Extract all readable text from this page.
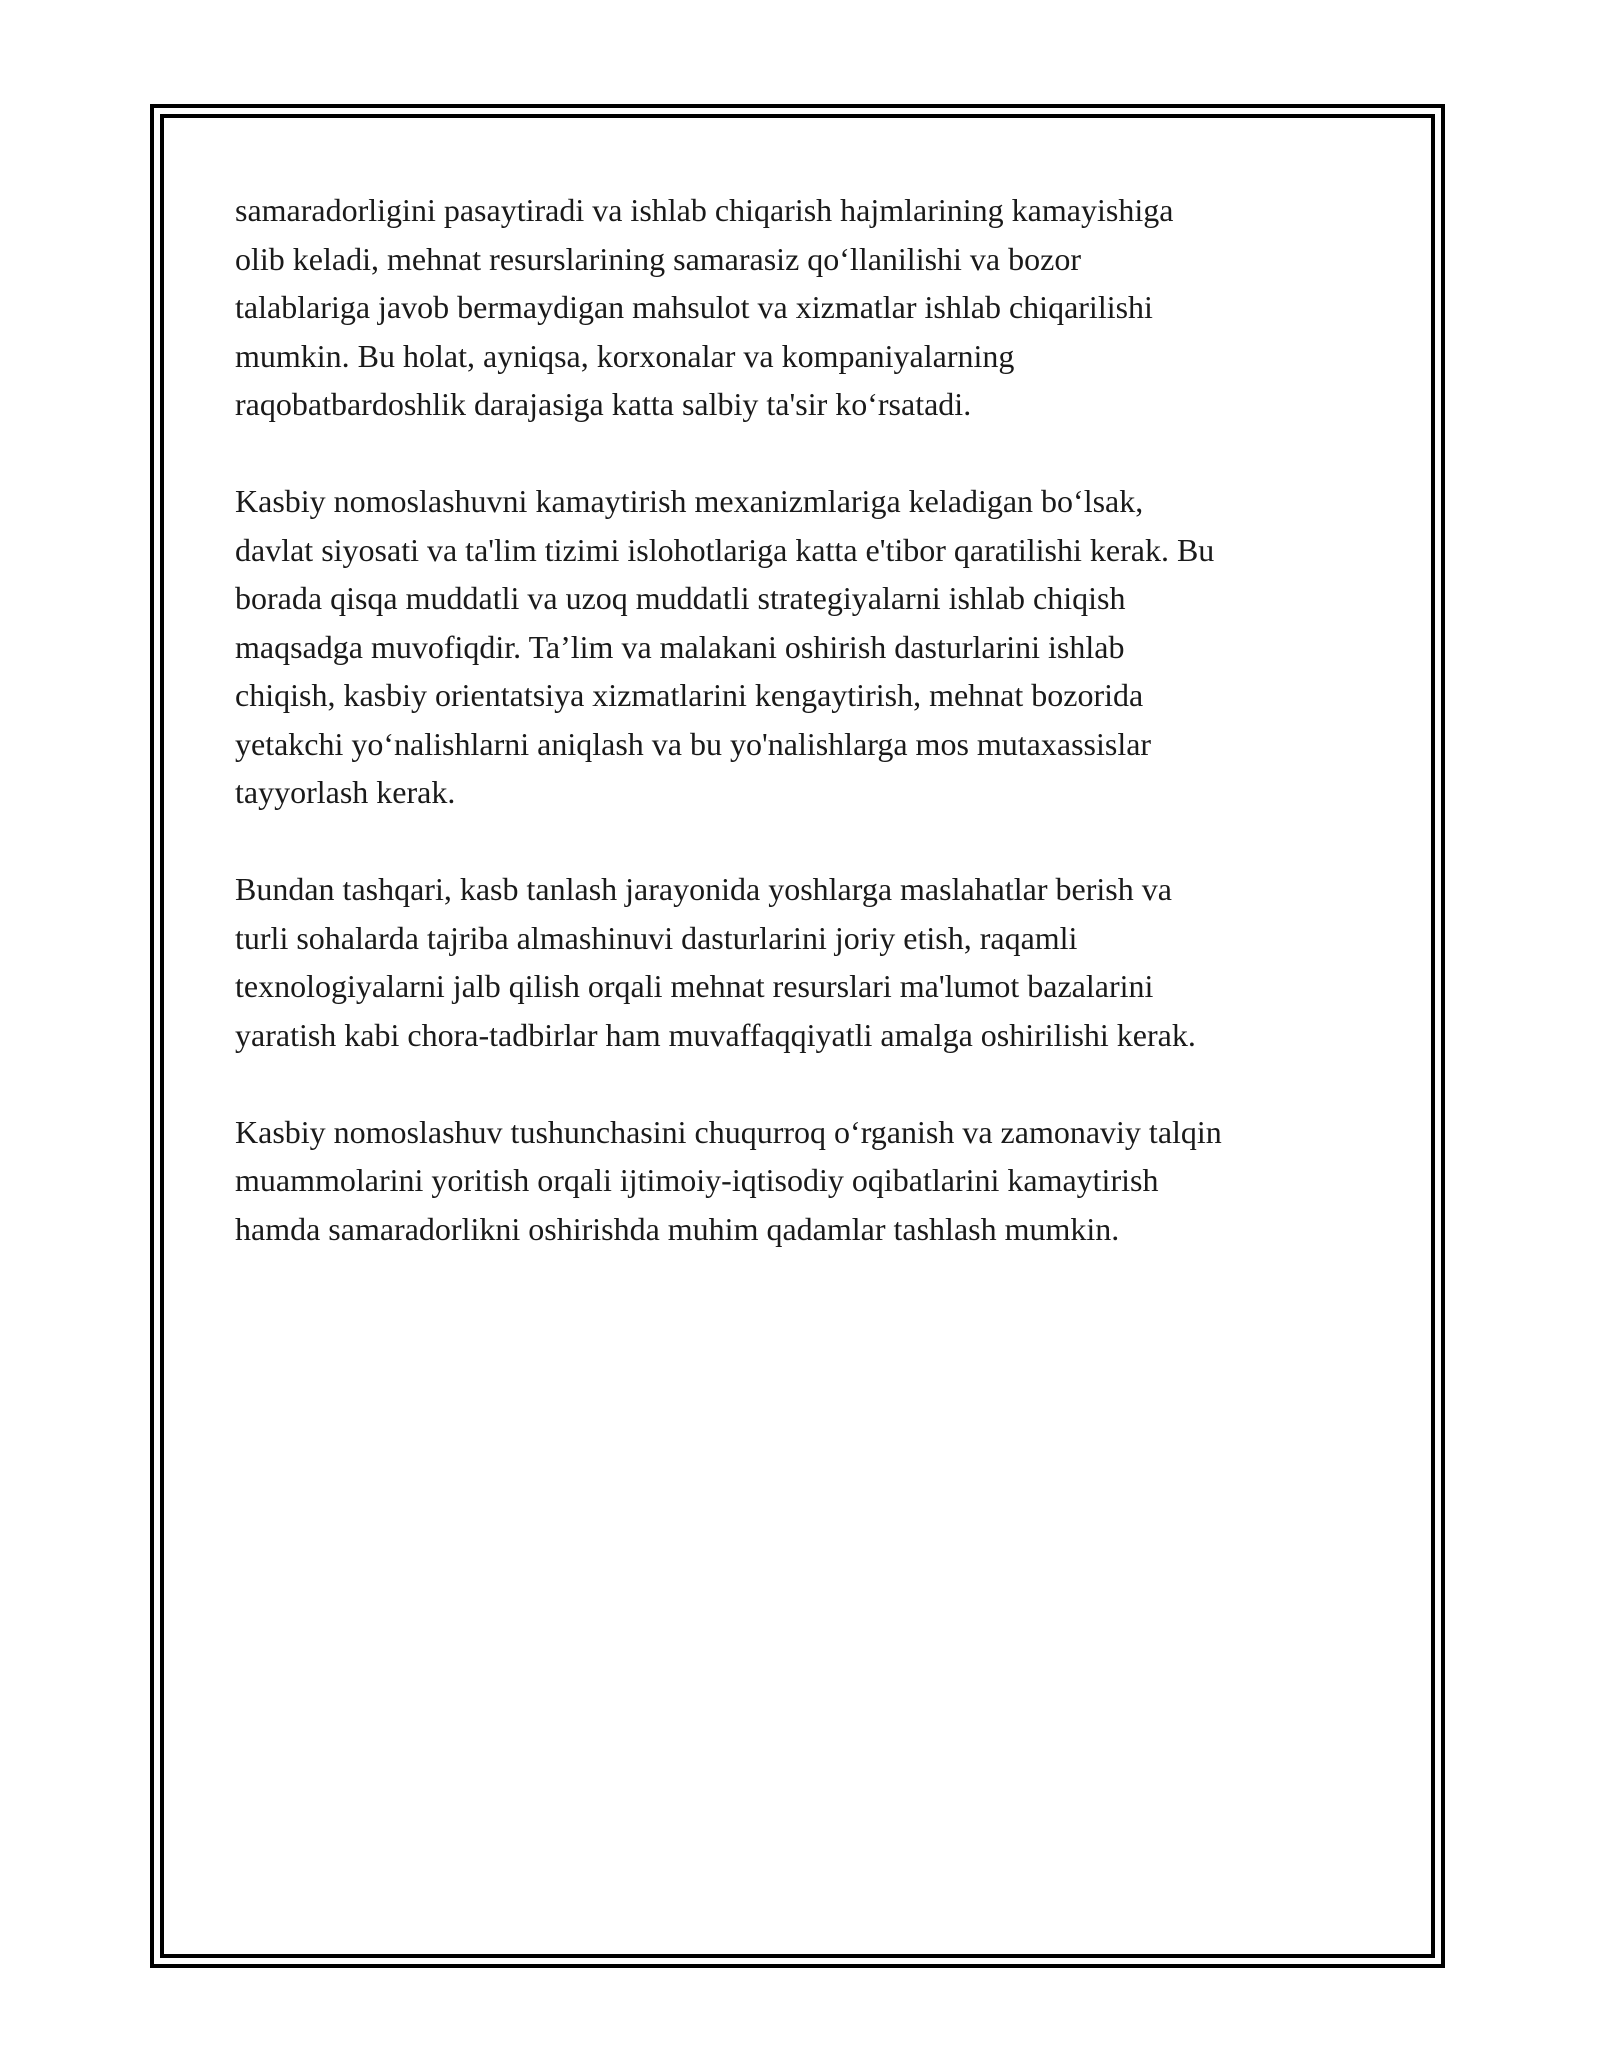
samaradorligini pasaytiradi va ishlab chiqarish hajmlarining kamayishiga
olib keladi, mehnat resurslarining samarasiz qo‘llanilishi va bozor
talablariga javob bermaydigan mahsulot va xizmatlar ishlab chiqarilishi
mumkin. Bu holat, ayniqsa, korxonalar va kompaniyalarning
raqobatbardoshlik darajasiga katta salbiy ta'sir ko‘rsatadi.

Kasbiy nomoslashuvni kamaytirish mexanizmlariga keladigan bo‘lsak,
davlat siyosati va ta'lim tizimi islohotlariga katta e'tibor qaratilishi kerak. Bu
borada qisqa muddatli va uzoq muddatli strategiyalarni ishlab chiqish
maqsadga muvofiqdir. Ta’lim va malakani oshirish dasturlarini ishlab
chiqish, kasbiy orientatsiya xizmatlarini kengaytirish, mehnat bozorida
yetakchi yo‘nalishlarni aniqlash va bu yo'nalishlarga mos mutaxassislar
tayyorlash kerak.

Bundan tashqari, kasb tanlash jarayonida yoshlarga maslahatlar berish va
turli sohalarda tajriba almashinuvi dasturlarini joriy etish, raqamli
texnologiyalarni jalb qilish orqali mehnat resurslari ma'lumot bazalarini
yaratish kabi chora-tadbirlar ham muvaffaqqiyatli amalga oshirilishi kerak.

Kasbiy nomoslashuv tushunchasini chuqurroq o‘rganish va zamonaviy talqin
muammolarini yoritish orqali ijtimoiy-iqtisodiy oqibatlarini kamaytirish
hamda samaradorlikni oshirishda muhim qadamlar tashlash mumkin.
